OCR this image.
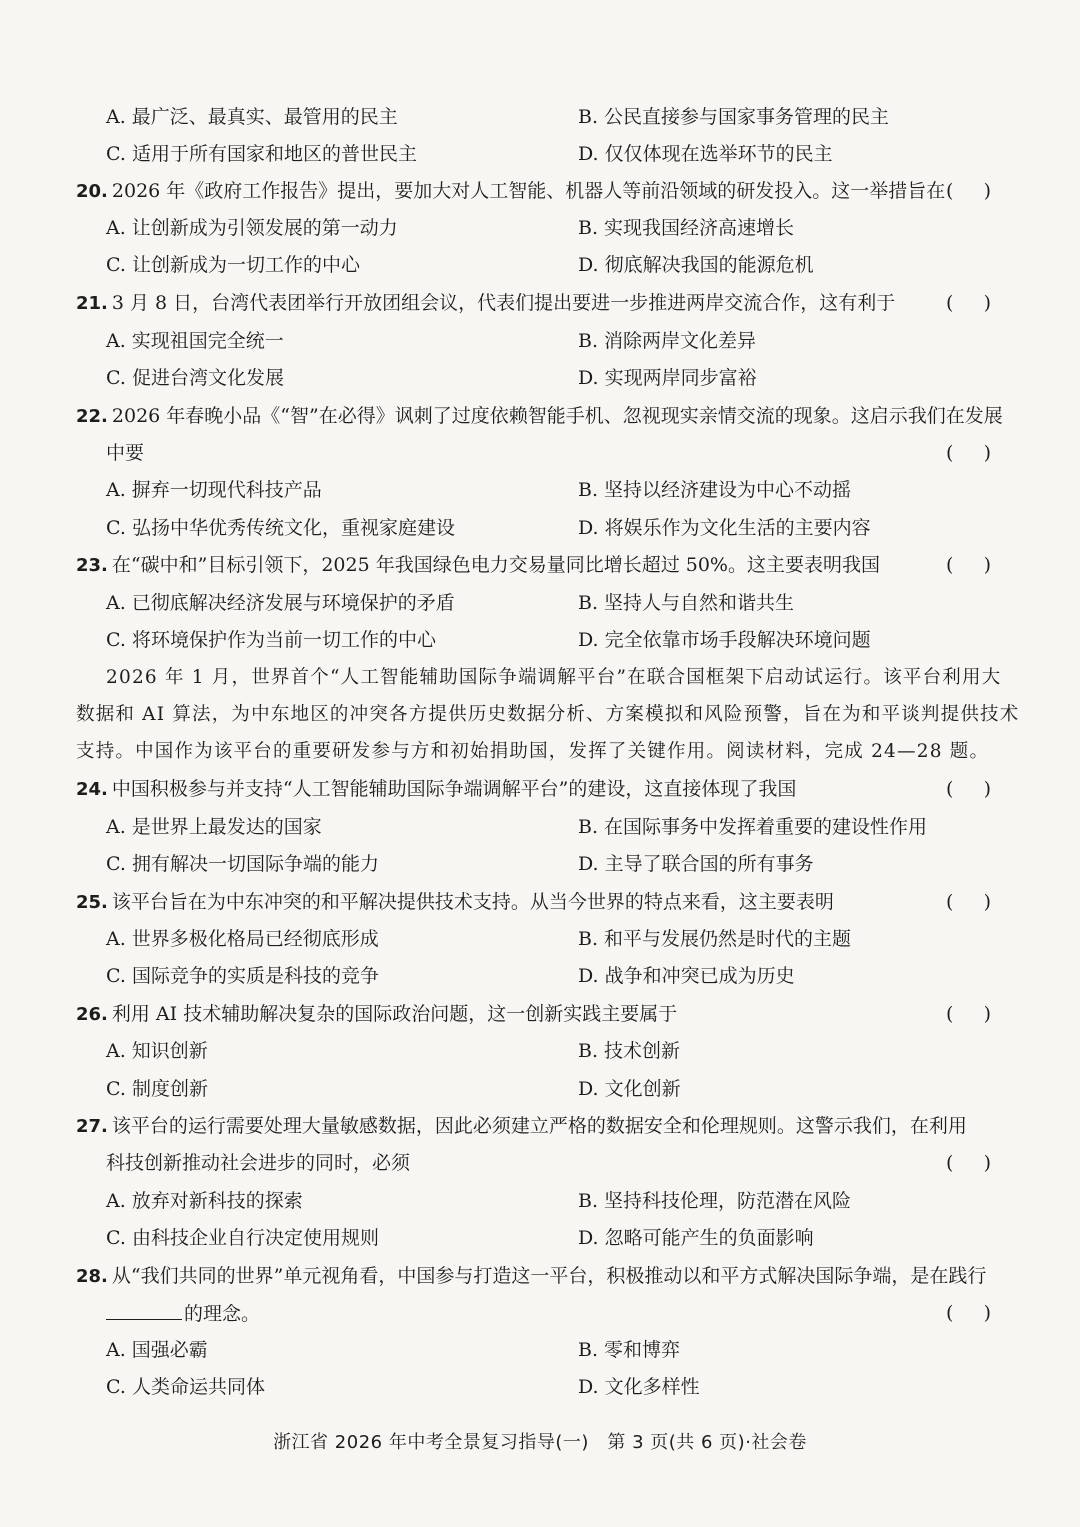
A. 最广泛、最真实、最管用的民主	B. 公民直接参与国家事务管理的民主
C. 适用于所有国家和地区的普世民主	D. 仅仅体现在选举环节的民主
20. 2026 年《政府工作报告》提出，要加大对人工智能、机器人等前沿领域的研发投入。这一举措旨在 (     )
A. 让创新成为引领发展的第一动力	B. 实现我国经济高速增长
C. 让创新成为一切工作的中心	D. 彻底解决我国的能源危机
21. 3 月 8 日，台湾代表团举行开放团组会议，代表们提出要进一步推进两岸交流合作，这有利于	(     )
A. 实现祖国完全统一	B. 消除两岸文化差异
C. 促进台湾文化发展	D. 实现两岸同步富裕
22. 2026 年春晚小品《“智”在必得》讽刺了过度依赖智能手机、忽视现实亲情交流的现象。这启示我们在发展
中要	(     )
A. 摒弃一切现代科技产品	B. 坚持以经济建设为中心不动摇
C. 弘扬中华优秀传统文化，重视家庭建设	D. 将娱乐作为文化生活的主要内容
23. 在“碳中和”目标引领下，2025 年我国绿色电力交易量同比增长超过 50%。这主要表明我国	(     )
A. 已彻底解决经济发展与环境保护的矛盾	B. 坚持人与自然和谐共生
C. 将环境保护作为当前一切工作的中心	D. 完全依靠市场手段解决环境问题
2026 年 1 月，世界首个“人工智能辅助国际争端调解平台”在联合国框架下启动试运行。该平台利用大
数据和 AI 算法，为中东地区的冲突各方提供历史数据分析、方案模拟和风险预警，旨在为和平谈判提供技术
支持。中国作为该平台的重要研发参与方和初始捐助国，发挥了关键作用。阅读材料，完成 24—28 题。
24. 中国积极参与并支持“人工智能辅助国际争端调解平台”的建设，这直接体现了我国	(     )
A. 是世界上最发达的国家	B. 在国际事务中发挥着重要的建设性作用
C. 拥有解决一切国际争端的能力	D. 主导了联合国的所有事务
25. 该平台旨在为中东冲突的和平解决提供技术支持。从当今世界的特点来看，这主要表明	(     )
A. 世界多极化格局已经彻底形成	B. 和平与发展仍然是时代的主题
C. 国际竞争的实质是科技的竞争	D. 战争和冲突已成为历史
26. 利用 AI 技术辅助解决复杂的国际政治问题，这一创新实践主要属于	(     )
A. 知识创新	B. 技术创新
C. 制度创新	D. 文化创新
27. 该平台的运行需要处理大量敏感数据，因此必须建立严格的数据安全和伦理规则。这警示我们，在利用
科技创新推动社会进步的同时，必须	(     )
A. 放弃对新科技的探索	B. 坚持科技伦理，防范潜在风险
C. 由科技企业自行决定使用规则	D. 忽略可能产生的负面影响
28. 从“我们共同的世界”单元视角看，中国参与打造这一平台，积极推动以和平方式解决国际争端，是在践行
的理念。	(     )
A. 国强必霸	B. 零和博弈
C. 人类命运共同体	D. 文化多样性
浙江省 2026 年中考全景复习指导(一)　第 3 页(共 6 页)·社会卷
